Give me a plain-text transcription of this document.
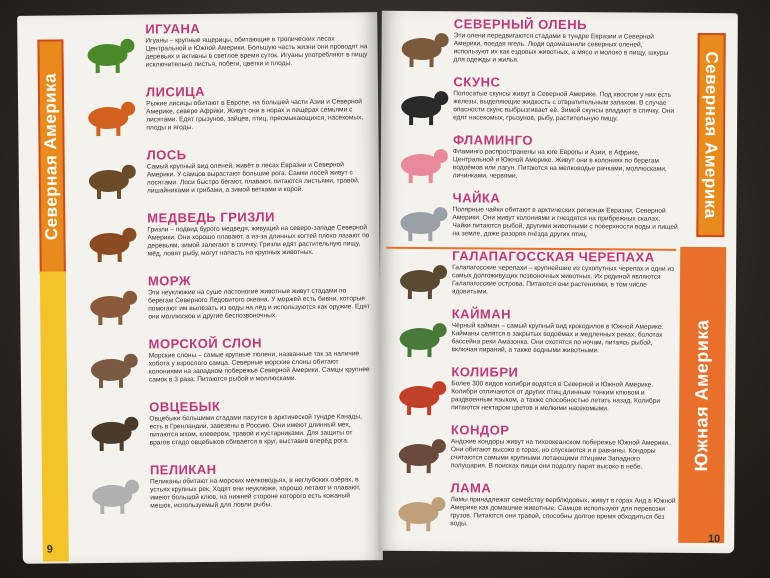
Северная Америка
ИГУАНА
Игуаны – крупные ящерицы, обитающие в тропических лесах Центральной и Южной Америки. Большую часть жизни они проводят на деревьях и активны в светлое время суток. Игуаны употребляют в пищу исключительно листья, побеги, цветки и плоды.
ЛИСИЦА
Рыжие лисицы обитают в Европе, на большей части Азии и Северной Америке, северe Африки. Живут они в норах и пещерах семьями с лисятами. Едят грызунов, зайцев, птиц, пресмыкающихся, насекомых, плоды и ягоды.
ЛОСЬ
Самый крупный вид оленей, живёт в лесах Евразии и Северной Америки. У самцов вырастают большие рога. Самки лосей живут с лосятами. Лоси быстро бегают, плавают, питаются листьями, травой, лишайниками и грибами, а зимой ветками и корой.
МЕДВЕДЬ ГРИЗЛИ
Гризли – подвид бурого медведя, живущий на северо-западе Северной Америки. Они хорошо плавают, а из-за длинных когтей плохо лазают по деревьям, зимой залегают в спячку. Гризли едят растительную пищу, мёд, ловят рыбу, могут напасть на крупных животных.
МОРЖ
Эти неуклюжие на суше ластоногие животные живут стадами по берегам Северного Ледовитого океана. У моржей есть бивни, которые помогают им вылезать из воды на лёд и используются как оружие. Едят они моллюсков и другие беспозвоночных.
МОРСКОЙ СЛОН
Морские слоны – самые крупные тюлени, названные так за наличие хобота у взрослого самца. Северные морские слоны обитают колониями на западном побережье Северной Америки. Самцы крупнее самок в 3 раза. Питаются рыбой и моллюсками.
ОВЦЕБЫК
Овцебыки большими стадами пасутся в арктической тундре Канады, есть в Гренландии, завезены в Россию. Они имеют длинный мех, питаются мхом, клевером, травой и кустарниками. Для защиты от врагов стадо овцебыков сбивается в круг, выставив вперёд рога.
ПЕЛИКАН
Пеликаны обитают на морских мелководьях, в неглубоких озёрах, в устьях крупных рек. Ходят они неуклюже, хорошо летают и плавают, имеют большой клюв, на нижней стороне которого есть кожаный мешок, используемый для ловли рыбы.
9
Северная Америка
Южная Америка
СЕВЕРНЫЙ ОЛЕНЬ
Эти олени передвигаются стадами в тундре Евразии и Северной Америки, поедая ягель. Люди одомашнили северных оленей, используют их как ездовых животных, а мясо и молоко в пищу, шкуры для одежды и жилья.
СКУНС
Полосатые скунсы живут в Северной Америке. Под хвостом у них есть железы, выделяющие жидкость с отвратительным запахом. В случае опасности скунс выбрызгивает её. Зимой скунсы впадают в спячку. Они едят насекомых, грызунов, рыбу, растительную пищу.
ФЛАМИНГО
Фламинго распространены на юге Европы и Азии, в Африке, Центральной и Южной Америке. Живут они в колониях по берегам водоёмов или лагун. Питаются на мелководье рачками, моллюсками, личинками, червями.
ЧАЙКА
Полярные чайки обитают в арктических регионах Евразии, Северной Америки. Они живут колониями и гнездятся на прибрежных скалах. Чайки питаются рыбой, другими животными с поверхности воды и пищей на земле, даже разоряя гнёзда других птиц.
ГАЛАПАГОССКАЯ ЧЕРЕПАХА
Галапагосские черепахи – крупнейшие из сухопутных черепах и одни из самых долгоживущих позвоночных животных. Их родиной являются Галапагосские острова. Питаются они растениями, в том числе ядовитыми.
КАЙМАН
Чёрный кайман – самый крупный вид крокодилов в Южной Америке. Кайманы селятся в закрытых водоёмах и медленных реках, болотах бассейна реки Амазонка. Они охотятся по ночам, питаясь рыбой, включая пираний, а также водными животными.
КОЛИБРИ
Более 300 видов колибри водятся в Северной и Южной Америке. Колибри отличаются от других птиц длинным тонким клювом и раздвоенным языком, а также способностью летать назад. Колибри питаются нектаром цветов и мелкими насекомыми.
КОНДОР
Андские кондоры живут на тихоокеанском побережье Южной Америки. Они обитают высоко в горах, но спускаются и в равнины. Кондоры считаются самыми крупными летающими птицами Западного полушария. В поисках пищи они подолгу парят высоко в небе.
ЛАМА
Ламы принадлежат семейству верблюдовых, живут в горах Анд в Южной Америке как домашние животные. Самцов используют для перевозки грузов. Питаются они травой, способны долгое время обходиться без воды.
10
